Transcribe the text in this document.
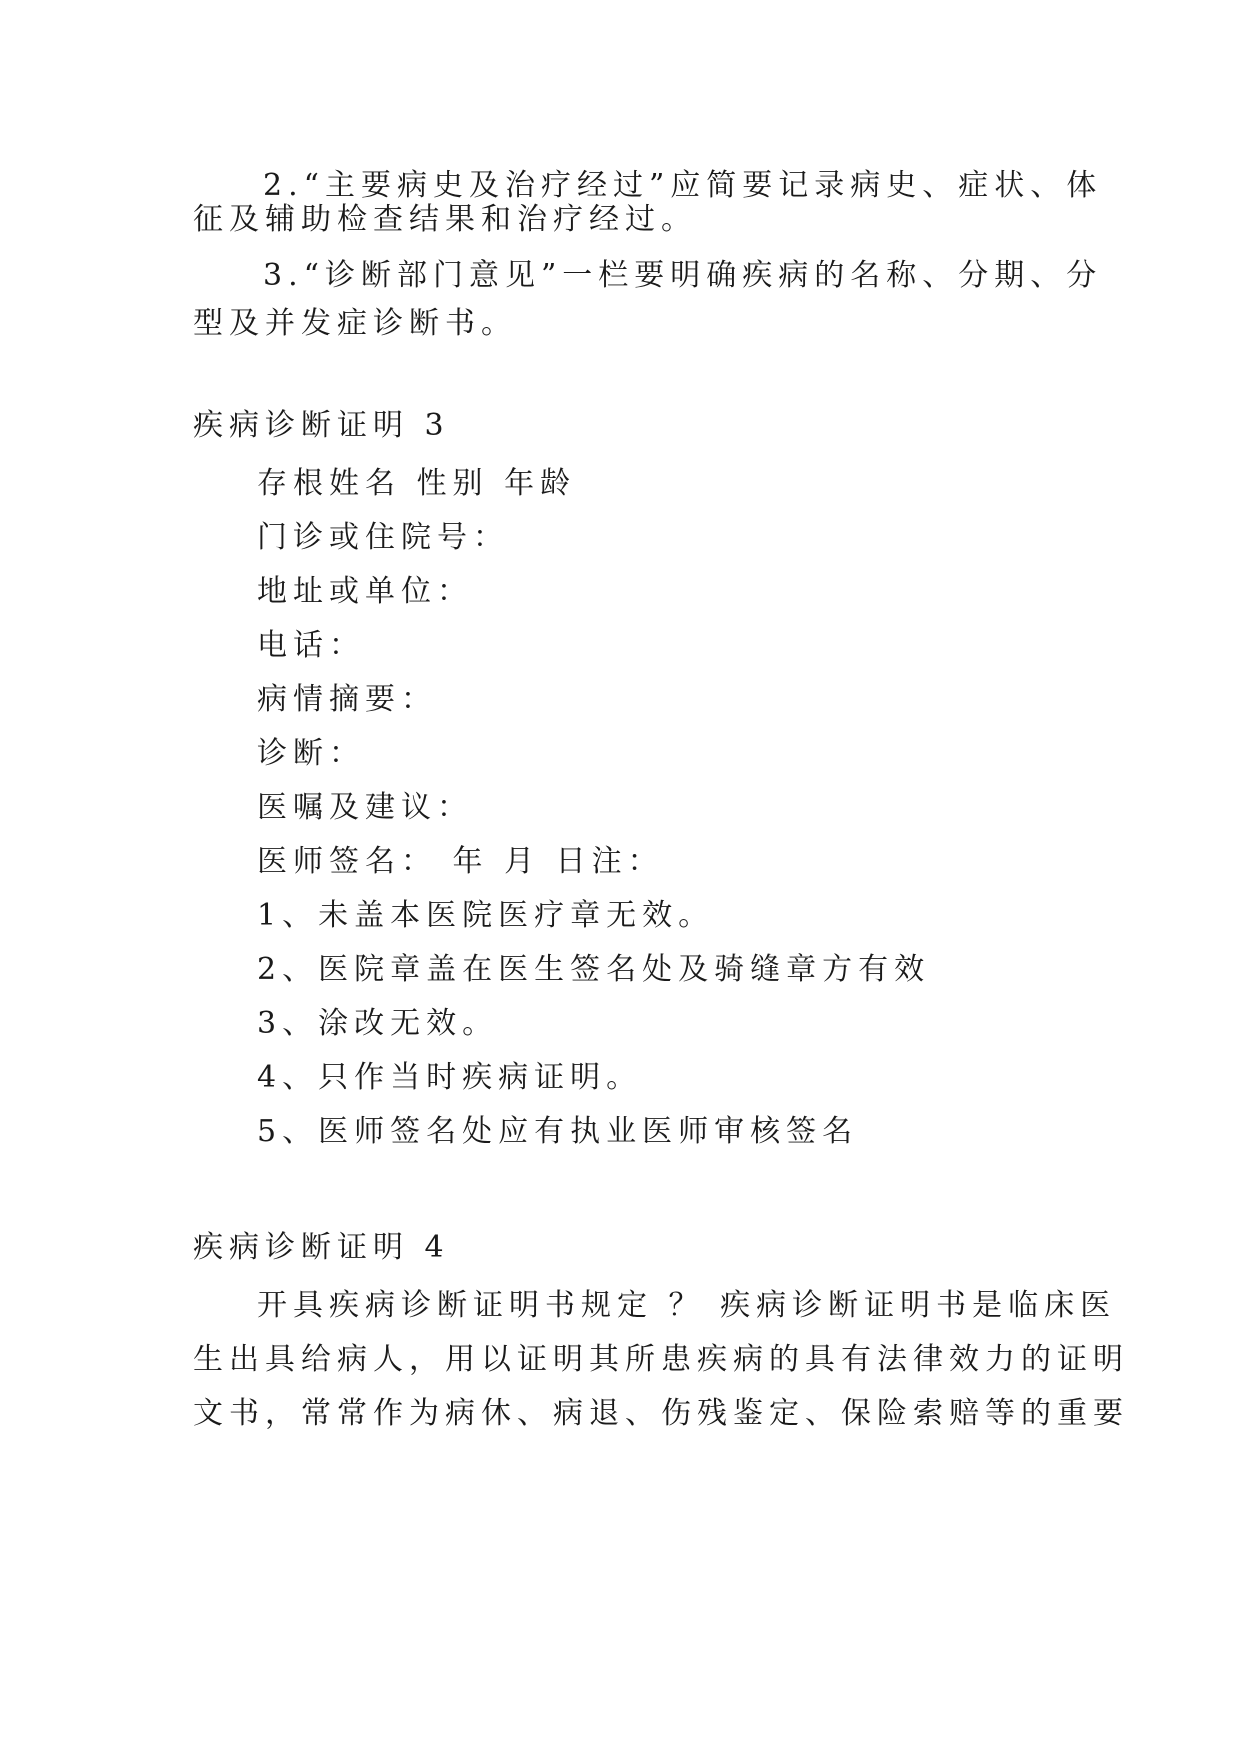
2.“主要病史及治疗经过”应简要记录病史、症状、体
征及辅助检查结果和治疗经过。
3.“诊断部门意见”一栏要明确疾病的名称、分期、分
型及并发症诊断书。
疾病诊断证明 3
存根姓名 性别 年龄
门诊或住院号：
地址或单位：
电话：
病情摘要：
诊断：
医嘱及建议：
医师签名： 年 月 日注：
1、未盖本医院医疗章无效。
2、医院章盖在医生签名处及骑缝章方有效
3、涂改无效。
4、只作当时疾病证明。
5、医师签名处应有执业医师审核签名
疾病诊断证明 4
开具疾病诊断证明书规定 ？ 疾病诊断证明书是临床医
生出具给病人，用以证明其所患疾病的具有法律效力的证明
文书，常常作为病休、病退、伤残鉴定、保险索赔等的重要
